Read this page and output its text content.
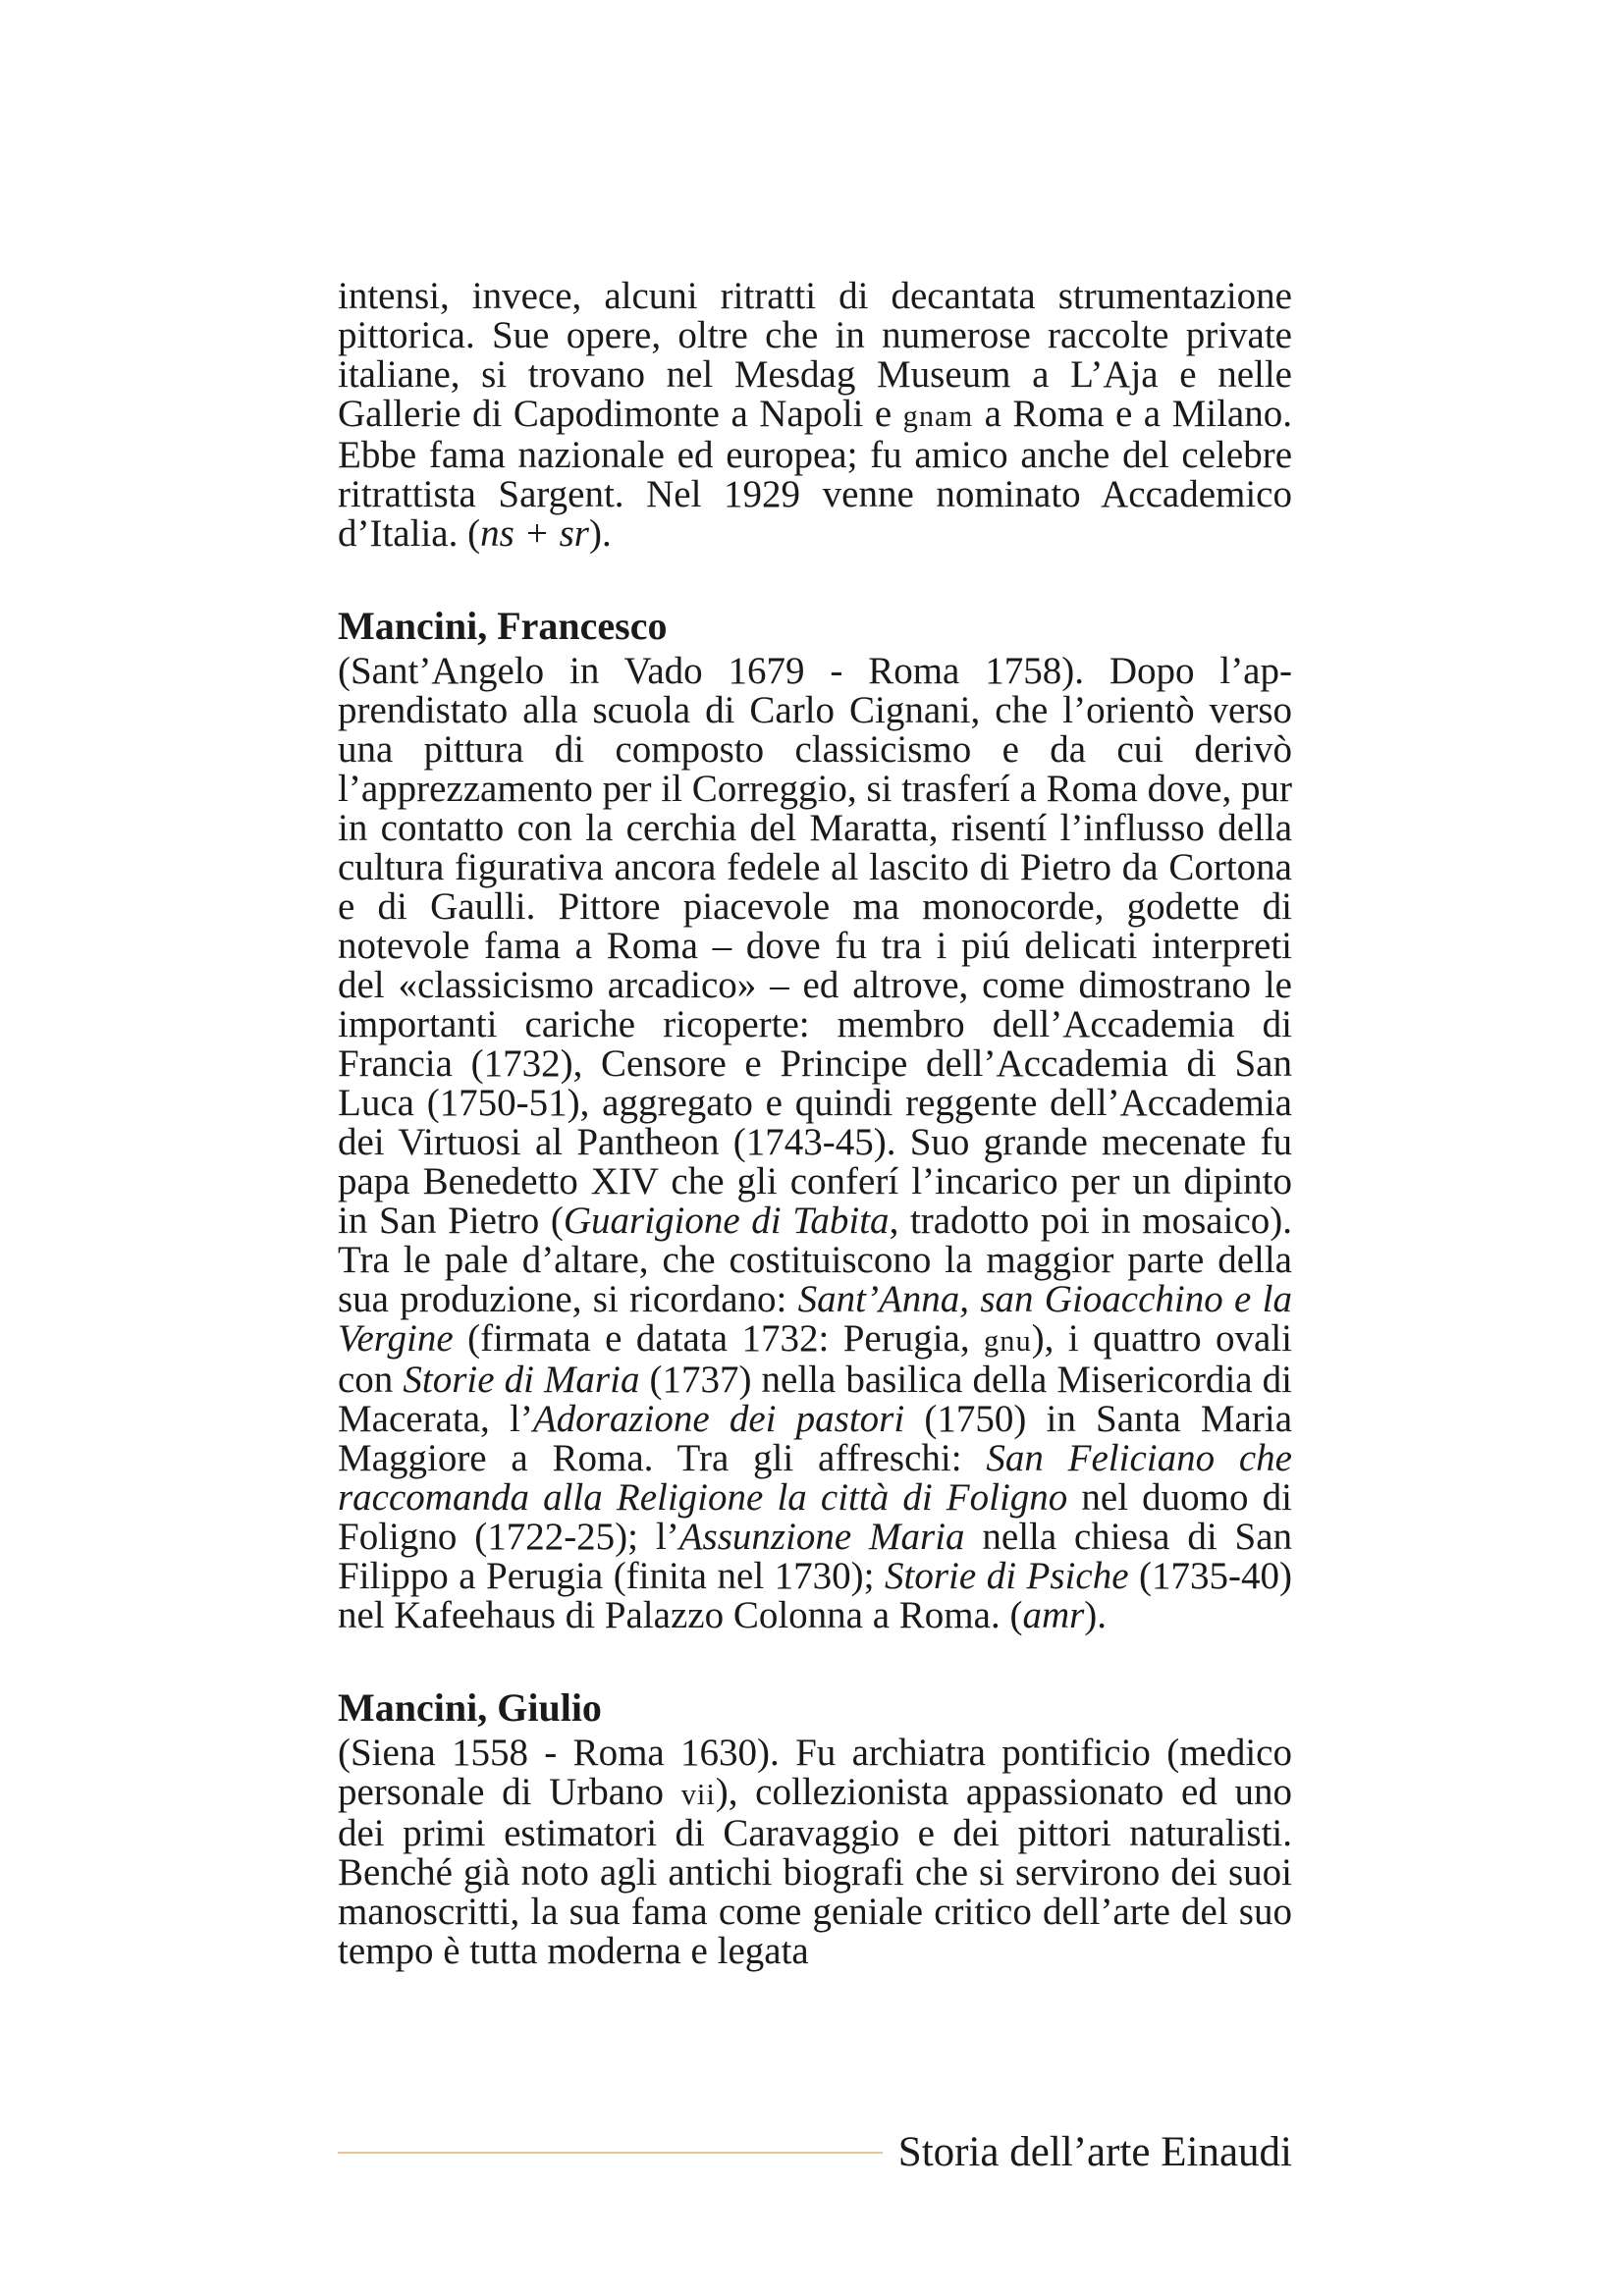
intensi, invece, alcuni ritratti di decantata strumentazione pittorica. Sue opere, oltre che in numerose raccolte private italiane, si trovano nel Mesdag Museum a L’Aja e nelle Gallerie di Capodimonte a Napoli e gnam a Roma e a Milano. Ebbe fama nazionale ed europea; fu amico anche del celebre ritrattista Sargent. Nel 1929 venne nominato Accademico d’Italia. (ns + sr).

Mancini, Francesco

(Sant’Angelo in Vado 1679 - Roma 1758). Dopo l’apprendistato alla scuola di Carlo Cignani, che l’orientò verso una pittura di composto classicismo e da cui derivò l’apprezzamento per il Correggio, si trasferí a Roma dove, pur in contatto con la cerchia del Maratta, risentí l’influsso della cultura figurativa ancora fedele al lascito di Pietro da Cortona e di Gaulli. Pittore piacevole ma monocorde, godette di notevole fama a Roma – dove fu tra i piú delicati interpreti del «classicismo arcadico» – ed altrove, come dimostrano le importanti cariche ricoperte: membro dell’Accademia di Francia (1732), Censore e Principe dell’Accademia di San Luca (1750-51), aggregato e quindi reggente dell’Accademia dei Virtuosi al Pantheon (1743-45). Suo grande mecenate fu papa Benedetto XIV che gli conferí l’incarico per un dipinto in San Pietro (Guarigione di Tabita, tradotto poi in mosaico). Tra le pale d’altare, che costituiscono la maggior parte della sua produzione, si ricordano: Sant’Anna, san Gioacchino e la Vergine (firmata e datata 1732: Perugia, gnu), i quattro ovali con Storie di Maria (1737) nella basilica della Misericordia di Macerata, l’Adorazione dei pastori (1750) in Santa Maria Maggiore a Roma. Tra gli affreschi: San Feliciano che raccomanda alla Religione la città di Foligno nel duomo di Foligno (1722-25); l’Assunzione Maria nella chiesa di San Filippo a Perugia (finita nel 1730); Storie di Psiche (1735-40) nel Kafeehaus di Palazzo Colonna a Roma. (amr).

Mancini, Giulio

(Siena 1558 - Roma 1630). Fu archiatra pontificio (medico personale di Urbano vii), collezionista appassionato ed uno dei primi estimatori di Caravaggio e dei pittori naturalisti. Benché già noto agli antichi biografi che si servirono dei suoi manoscritti, la sua fama come geniale critico dell’arte del suo tempo è tutta moderna e legata

Storia dell’arte Einaudi
